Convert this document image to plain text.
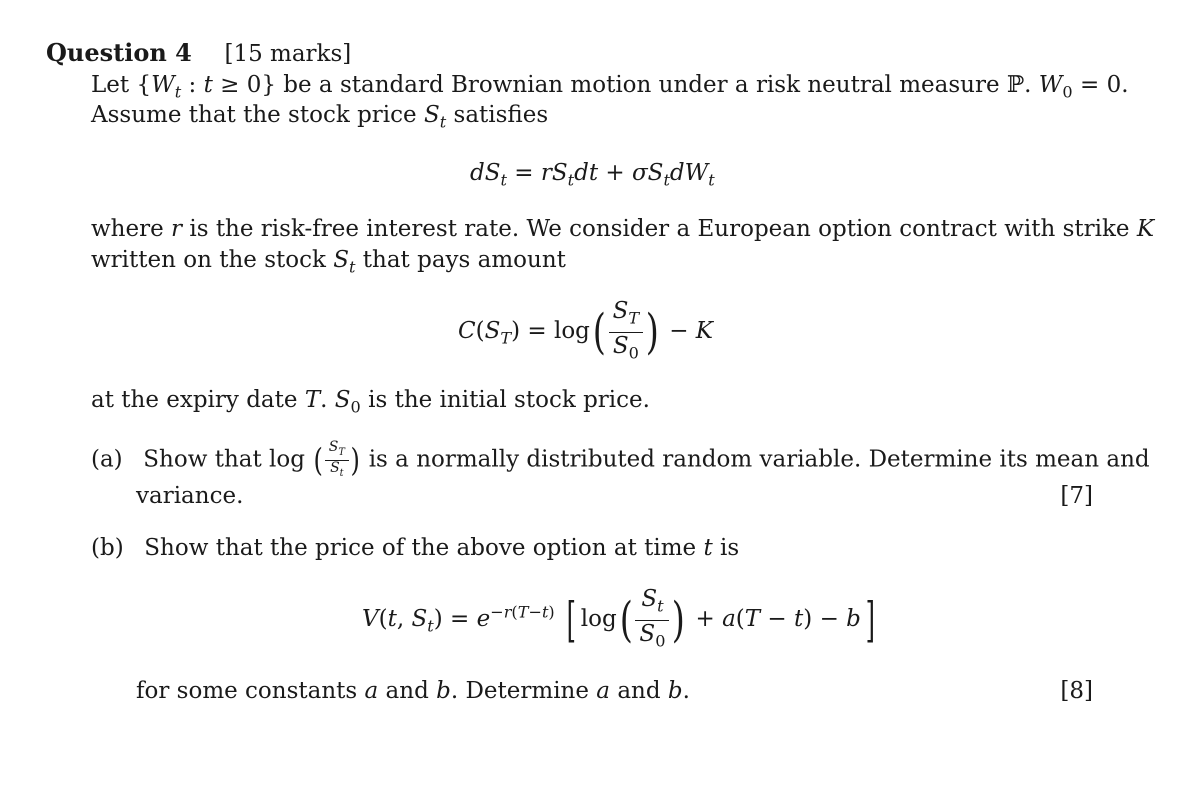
Question 4 [15 marks]
Let {$W_t$ : t ≥ 0} be a standard Brownian motion under a risk neutral measure ℙ. $W_0 = 0$.
Assume that the stock price $S_t$ satisfies
$dS_t = rS_tdt + \sigma S_tdW_t$
where r is the risk-free interest rate. We consider a European option contract with strike K
written on the stock $S_t$ that pays amount
$C(S_T) = \log( \frac{S_T}{S_0}$ ) − K
at the expiry date T. $S_0$ is the initial stock price.
(a) Show that log ( $\frac{S_T}{S_t}$ ) is a normally distributed random variable. Determine its mean and
variance.	[7]
(b)  Show that the price of the above option at time t is
V(t, $S_t) = e^{-r(T-t)}$ [ $\log( \frac{S_t}{S_0}$ ) + a(T − t) − b]
for some constants a and b. Determine a and b.	[8]
